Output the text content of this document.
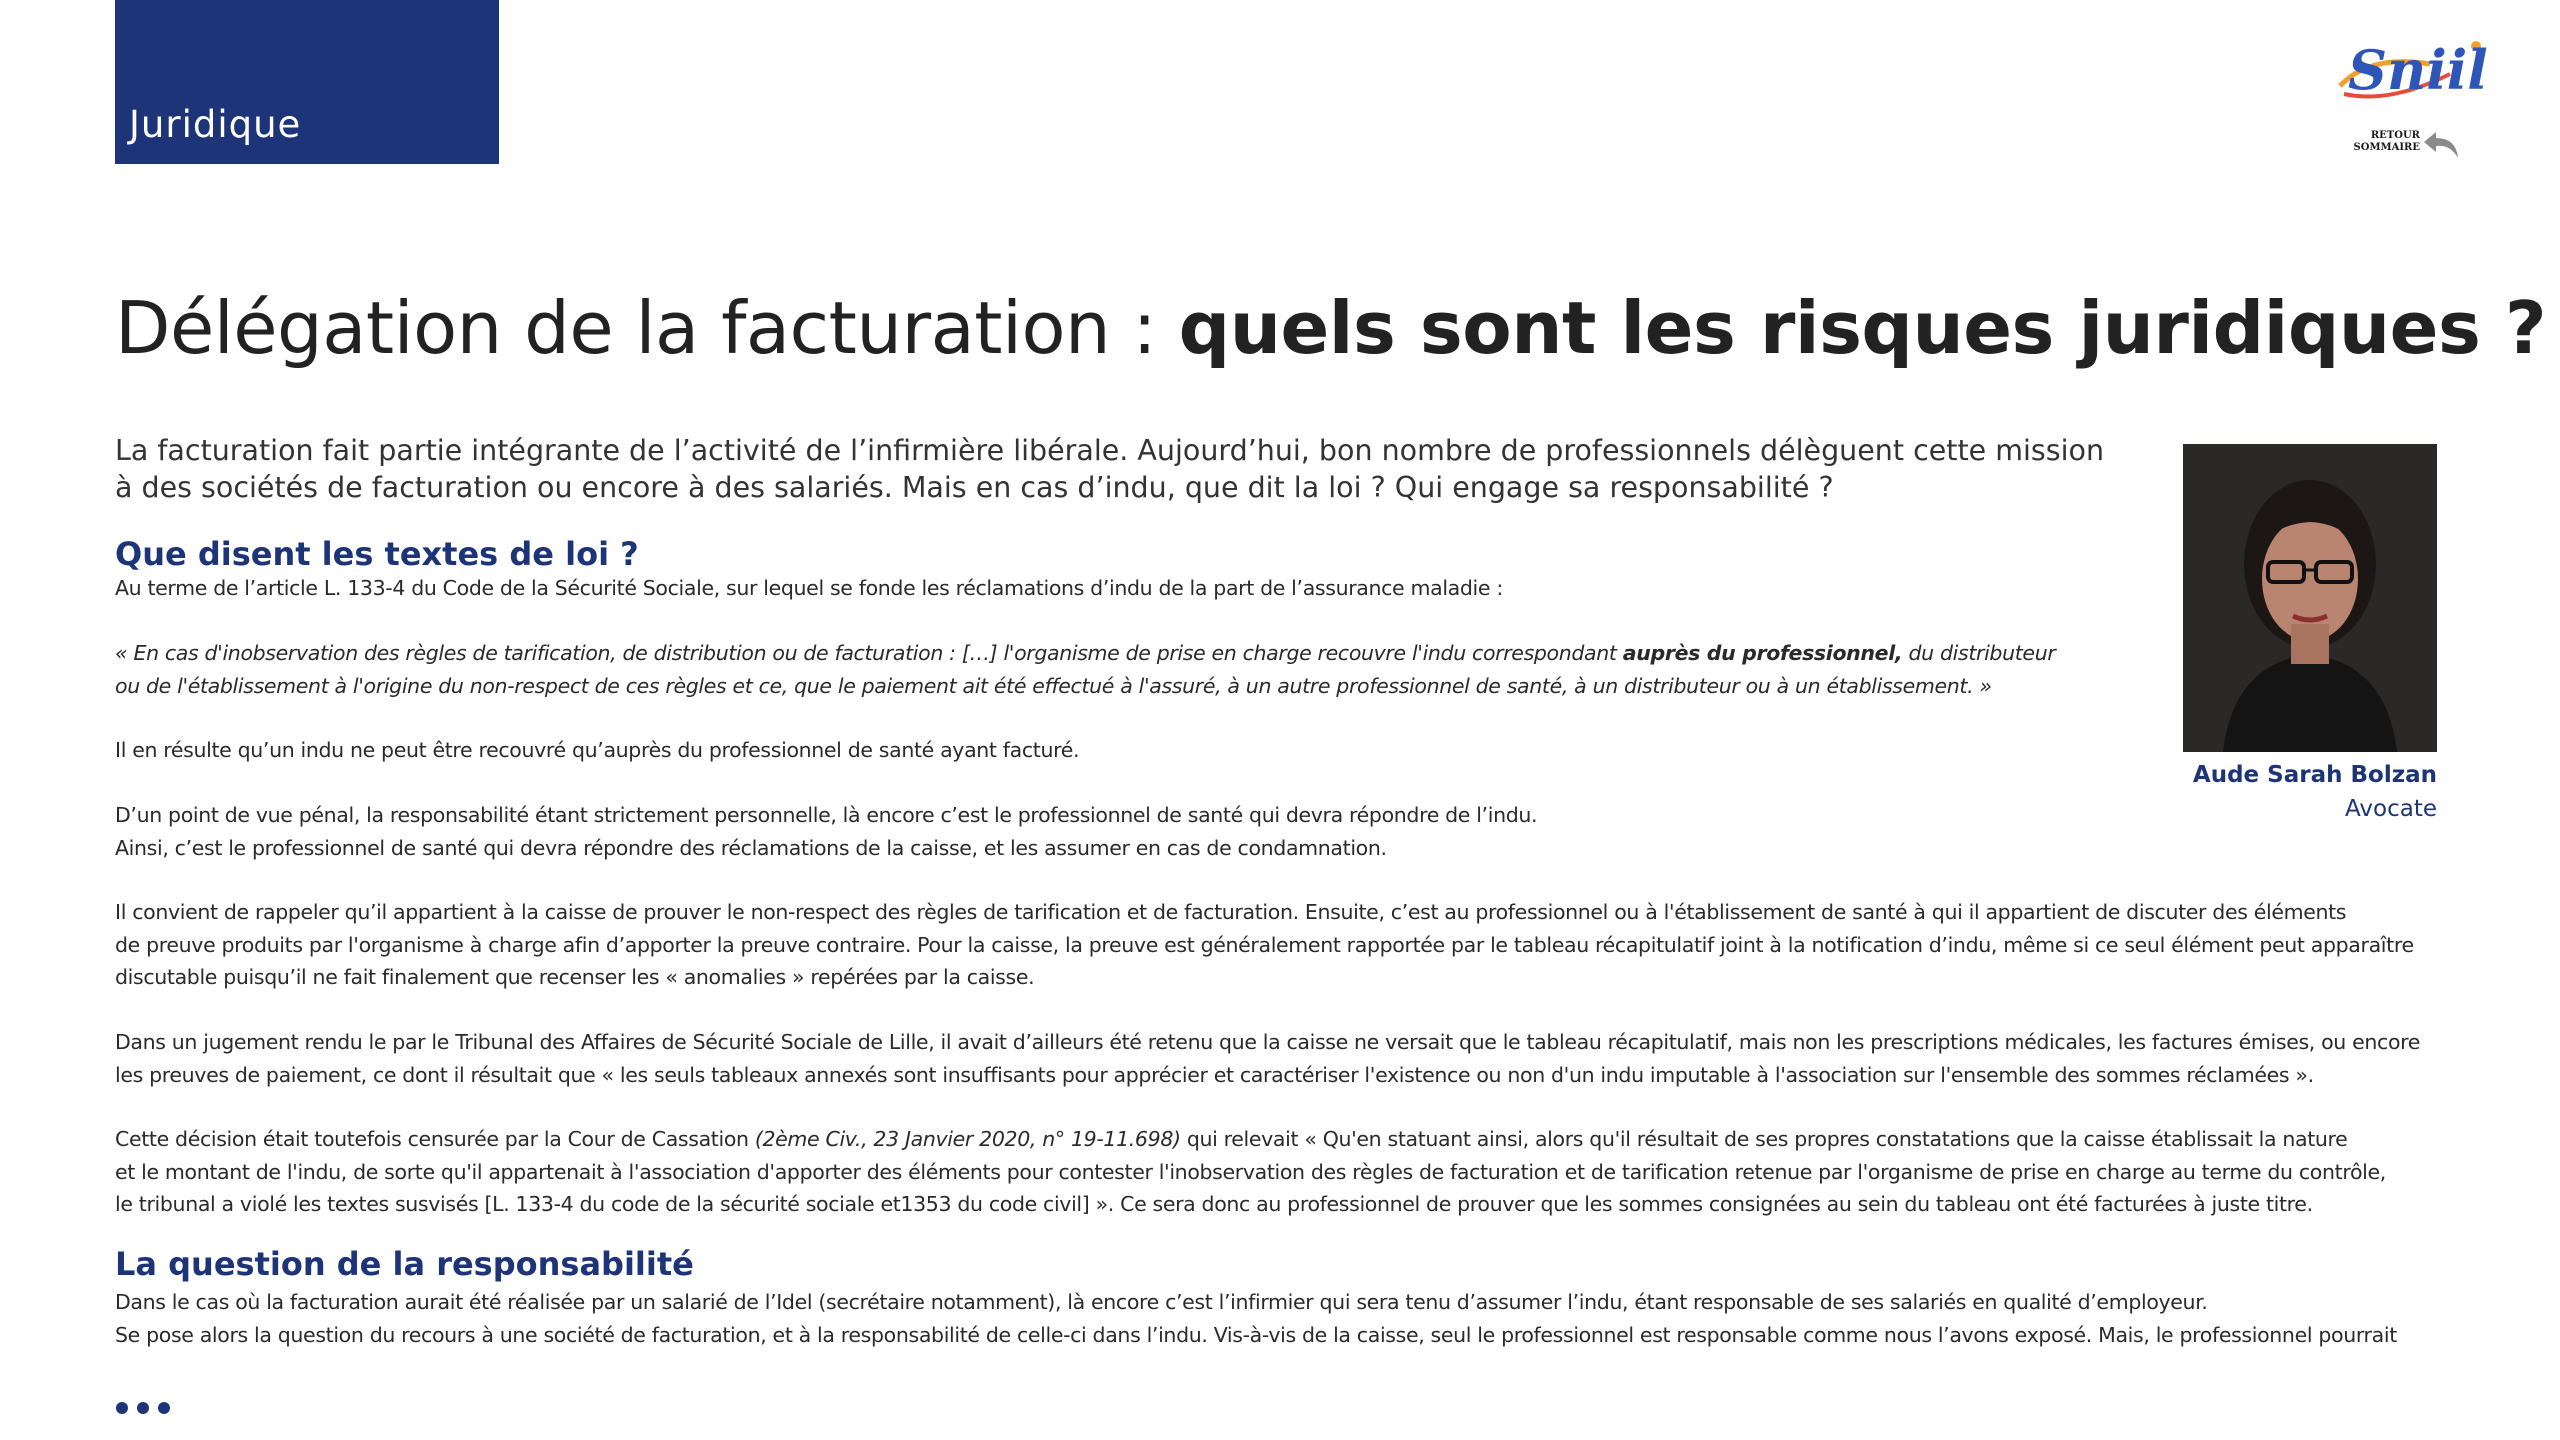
Juridique
Sniil
RETOUR
SOMMAIRE
Délégation de la facturation : quels sont les risques juridiques ?

La facturation fait partie intégrante de l’activité de l’infirmière libérale. Aujourd’hui, bon nombre de professionnels délèguent cette mission à des sociétés de facturation ou encore à des salariés. Mais en cas d’indu, que dit la loi ? Qui engage sa responsabilité ?

Aude Sarah Bolzan
Avocate
Que disent les textes de loi ?

Au terme de l’article L. 133-4 du Code de la Sécurité Sociale, sur lequel se fonde les réclamations d’indu de la part de l’assurance maladie :

« En cas d'inobservation des règles de tarification, de distribution ou de facturation : […] l'organisme de prise en charge recouvre l'indu correspondant auprès du professionnel, du distributeur
ou de l'établissement à l'origine du non-respect de ces règles et ce, que le paiement ait été effectué à l'assuré, à un autre professionnel de santé, à un distributeur ou à un établissement. »

Il en résulte qu’un indu ne peut être recouvré qu’auprès du professionnel de santé ayant facturé.

D’un point de vue pénal, la responsabilité étant strictement personnelle, là encore c’est le professionnel de santé qui devra répondre de l’indu.
Ainsi, c’est le professionnel de santé qui devra répondre des réclamations de la caisse, et les assumer en cas de condamnation.

Il convient de rappeler qu’il appartient à la caisse de prouver le non-respect des règles de tarification et de facturation. Ensuite, c’est au professionnel ou à l'établissement de santé à qui il appartient de discuter des éléments
de preuve produits par l'organisme à charge afin d’apporter la preuve contraire. Pour la caisse, la preuve est généralement rapportée par le tableau récapitulatif joint à la notification d’indu, même si ce seul élément peut apparaître
discutable puisqu’il ne fait finalement que recenser les « anomalies » repérées par la caisse.

Dans un jugement rendu le par le Tribunal des Affaires de Sécurité Sociale de Lille, il avait d’ailleurs été retenu que la caisse ne versait que le tableau récapitulatif, mais non les prescriptions médicales, les factures émises, ou encore
les preuves de paiement, ce dont il résultait que « les seuls tableaux annexés sont insuffisants pour apprécier et caractériser l'existence ou non d'un indu imputable à l'association sur l'ensemble des sommes réclamées ».

Cette décision était toutefois censurée par la Cour de Cassation (2ème Civ., 23 Janvier 2020, n° 19-11.698) qui relevait « Qu'en statuant ainsi, alors qu'il résultait de ses propres constatations que la caisse établissait la nature
et le montant de l'indu, de sorte qu'il appartenait à l'association d'apporter des éléments pour contester l'inobservation des règles de facturation et de tarification retenue par l'organisme de prise en charge au terme du contrôle,
le tribunal a violé les textes susvisés [L. 133-4 du code de la sécurité sociale et1353 du code civil] ». Ce sera donc au professionnel de prouver que les sommes consignées au sein du tableau ont été facturées à juste titre.

La question de la responsabilité

Dans le cas où la facturation aurait été réalisée par un salarié de l’Idel (secrétaire notamment), là encore c’est l’infirmier qui sera tenu d’assumer l’indu, étant responsable de ses salariés en qualité d’employeur.
Se pose alors la question du recours à une société de facturation, et à la responsabilité de celle-ci dans l’indu. Vis-à-vis de la caisse, seul le professionnel est responsable comme nous l’avons exposé. Mais, le professionnel pourrait
